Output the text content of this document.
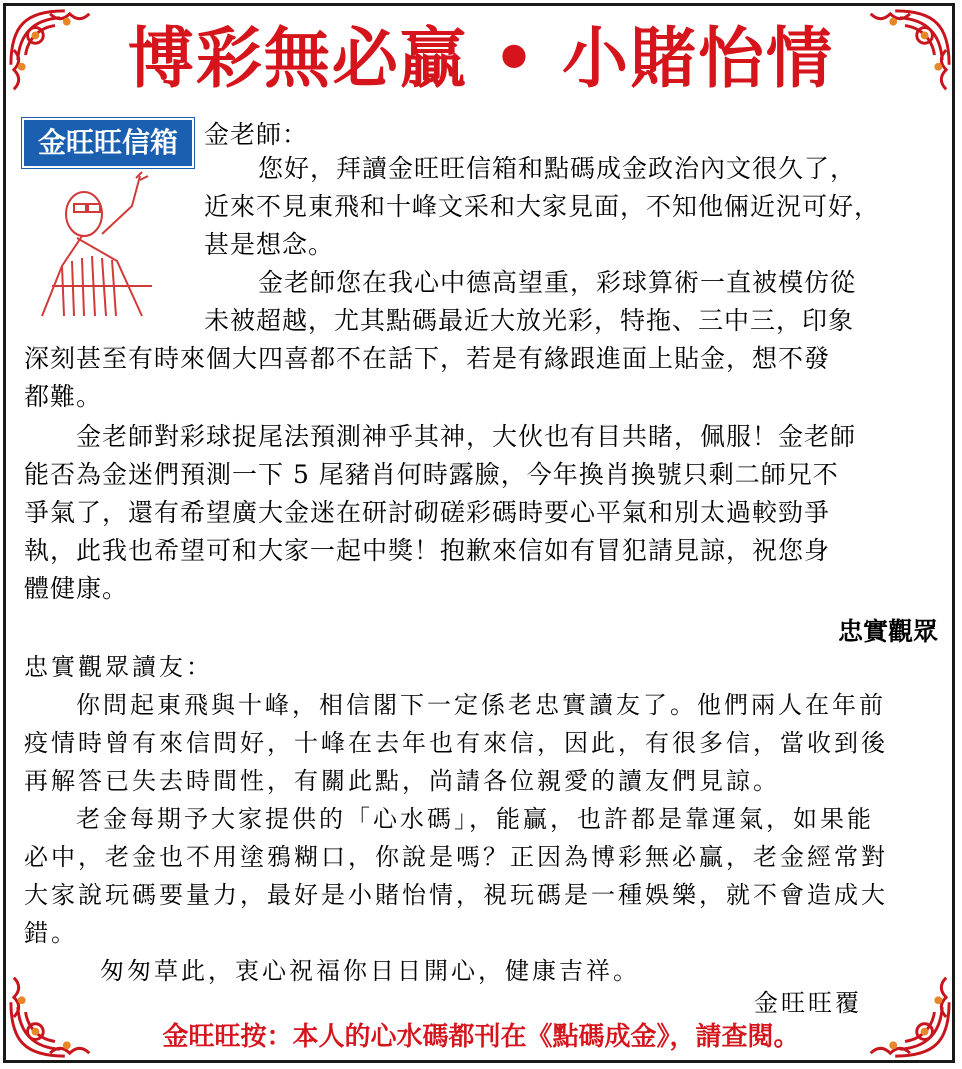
博彩無必贏 • 小賭怡情
金旺旺信箱	金老師：
您好，拜讀金旺旺信箱和點碼成金政治內文很久了，
近來不見東飛和十峰文采和大家見面，不知他倆近況可好，
甚是想念。
金老師您在我心中德高望重，彩球算術一直被模仿從
未被超越，尤其點碼最近大放光彩，特拖、三中三，印象
深刻甚至有時來個大四喜都不在話下，若是有緣跟進面上貼金，想不發
都難。
金老師對彩球捉尾法預測神乎其神，大伙也有目共睹，佩服！金老師
能否為金迷們預測一下 5 尾豬肖何時露臉，今年換肖換號只剩二師兄不
爭氣了，還有希望廣大金迷在研討砌磋彩碼時要心平氣和別太過較勁爭
執，此我也希望可和大家一起中獎！抱歉來信如有冒犯請見諒，祝您身
體健康。
忠實觀眾
忠實觀眾讀友：
你問起東飛與十峰，相信閣下一定係老忠實讀友了。他們兩人在年前
疫情時曾有來信問好，十峰在去年也有來信，因此，有很多信，當收到後
再解答已失去時間性，有關此點，尚請各位親愛的讀友們見諒。
老金每期予大家提供的「心水碼」，能贏，也許都是靠運氣，如果能
必中，老金也不用塗鴉糊口，你說是嗎？正因為博彩無必贏，老金經常對
大家說玩碼要量力，最好是小賭怡情，視玩碼是一種娛樂，就不會造成大
錯。
匆匆草此，衷心祝福你日日開心，健康吉祥。
金旺旺覆
金旺旺按：本人的心水碼都刊在《點碼成金》，請查閱。
